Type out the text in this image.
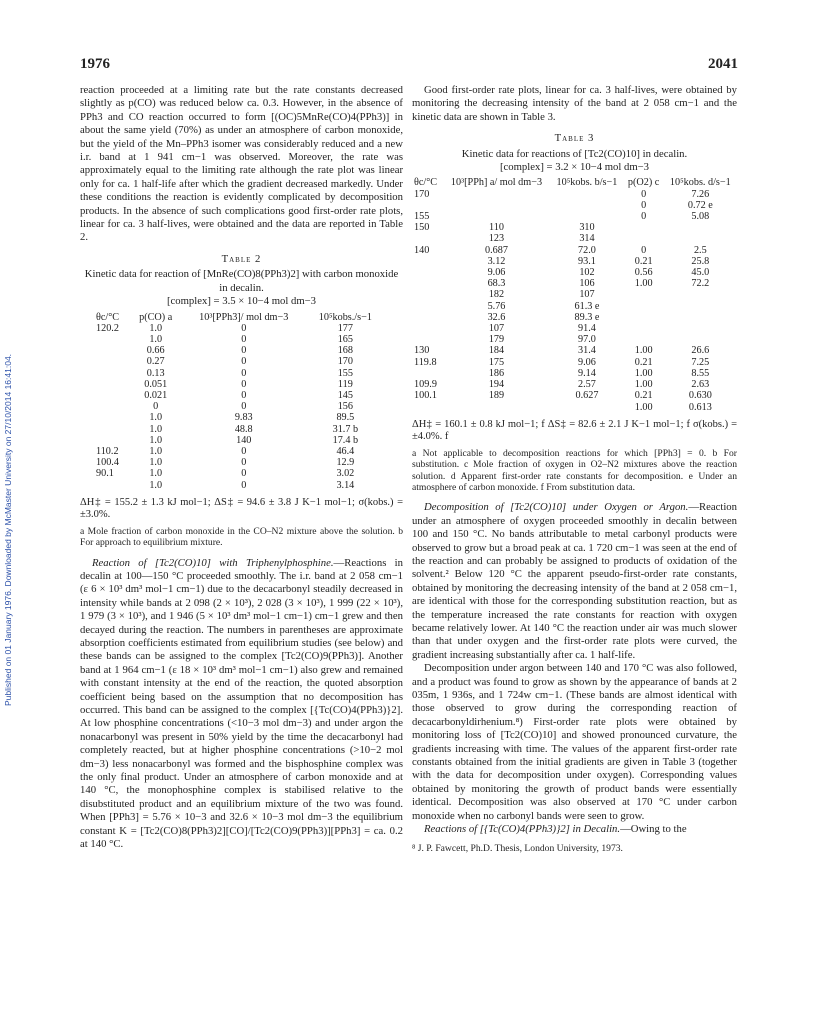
1976	2041
Published on 01 January 1976. Downloaded by McMaster University on 27/10/2014 16:41:04.

reaction proceeded at a limiting rate but the rate constants decreased slightly as p(CO) was reduced below ca. 0.3. However, in the absence of PPh3 and CO reaction occurred to form [(OC)5MnRe(CO)4(PPh3)] in about the same yield (70%) as under an atmosphere of carbon monoxide, but the yield of the Mn–PPh3 isomer was considerably reduced and a new i.r. band at 1 941 cm−1 was observed. Moreover, the rate was approximately equal to the limiting rate although the rate plot was linear only for ca. 1 half-life after which the gradient decreased markedly. Under these conditions the reaction is evidently complicated by decomposition products. In the absence of such complications good first-order rate plots, linear for ca. 3 half-lives, were obtained and the data are reported in Table 2.

Table 2
Kinetic data for reaction of [MnRe(CO)8(PPh3)2] with carbon monoxide in decalin.
[complex] = 3.5 × 10−4 mol dm−3
θc/°C	p(CO) a	10³[PPh3]/ mol dm−3	10⁵kobs./s−1
120.2	1.0	0	177
	1.0	0	165
	0.66	0	168
	0.27	0	170
	0.13	0	155
	0.051	0	119
	0.021	0	145
	0	0	156
	1.0	9.83	89.5
	1.0	48.8	31.7 b
	1.0	140	17.4 b
110.2	1.0	0	46.4
100.4	1.0	0	12.9
90.1	1.0	0	3.02
	1.0	0	3.14
ΔH‡ = 155.2 ± 1.3 kJ mol−1; ΔS‡ = 94.6 ± 3.8 J K−1 mol−1; σ(kobs.) = ±3.0%.
a Mole fraction of carbon monoxide in the CO–N2 mixture above the solution. b For approach to equilibrium mixture.

Reaction of [Tc2(CO)10] with Triphenylphosphine.—Reactions in decalin at 100—150 °C proceeded smoothly. The i.r. band at 2 058 cm−1 (ε 6 × 10³ dm³ mol−1 cm−1) due to the decacarbonyl steadily decreased in intensity while bands at 2 098 (2 × 10³), 2 028 (3 × 10³), 1 999 (22 × 10³), 1 979 (3 × 10³), and 1 946 (5 × 10³ dm³ mol−1 cm−1) cm−1 grew and then decayed during the reaction. The numbers in parentheses are approximate absorption coefficients estimated from equilibrium studies (see below) and these bands can be assigned to the complex [Tc2(CO)9(PPh3)]. Another band at 1 964 cm−1 (ε 18 × 10³ dm³ mol−1 cm−1) also grew and remained with constant intensity at the end of the reaction, the quoted absorption coefficient being based on the assumption that no decomposition has occurred. This band can be assigned to the complex [{Tc(CO)4(PPh3)}2]. At low phosphine concentrations (<10−3 mol dm−3) and under argon the nonacarbonyl was present in 50% yield by the time the decacarbonyl had completely reacted, but at higher phosphine concentrations (>10−2 mol dm−3) less nonacarbonyl was formed and the bisphosphine complex was the only final product. Under an atmosphere of carbon monoxide and at 140 °C, the monophosphine complex is stabilised relative to the disubstituted product and an equilibrium mixture of the two was found. When [PPh3] = 5.76 × 10−3 and 32.6 × 10−3 mol dm−3 the equilibrium constant K = [Tc2(CO)8(PPh3)2][CO]/[Tc2(CO)9(PPh3)][PPh3] = ca. 0.2 at 140 °C.

Good first-order rate plots, linear for ca. 3 half-lives, were obtained by monitoring the decreasing intensity of the band at 2 058 cm−1 and the kinetic data are shown in Table 3.

Table 3
Kinetic data for reactions of [Tc2(CO)10] in decalin.
[complex] = 3.2 × 10−4 mol dm−3
θc/°C	10³[PPh] a/ mol dm−3	10⁵kobs. b/s−1	p(O2) c	10⁵kobs. d/s−1
170			0	7.26
			0	0.72 e
155			0	5.08
150	110	310		
	123	314		
140	0.687	72.0	0	2.5
	3.12	93.1	0.21	25.8
	9.06	102	0.56	45.0
	68.3	106	1.00	72.2
	182	107		
	5.76	61.3 e		
	32.6	89.3 e		
	107	91.4		
	179	97.0		
130	184	31.4	1.00	26.6
119.8	175	9.06	0.21	7.25
	186	9.14	1.00	8.55
109.9	194	2.57	1.00	2.63
100.1	189	0.627	0.21	0.630
			1.00	0.613
ΔH‡ = 160.1 ± 0.8 kJ mol−1; f ΔS‡ = 82.6 ± 2.1 J K−1 mol−1; f σ(kobs.) = ±4.0%. f
a Not applicable to decomposition reactions for which [PPh3] = 0. b For substitution. c Mole fraction of oxygen in O2–N2 mixtures above the reaction solution. d Apparent first-order rate constants for decomposition. e Under an atmosphere of carbon monoxide. f From substitution data.

Decomposition of [Tc2(CO)10] under Oxygen or Argon.—Reaction under an atmosphere of oxygen proceeded smoothly in decalin between 100 and 150 °C. No bands attributable to metal carbonyl products were observed to grow but a broad peak at ca. 1 720 cm−1 was seen at the end of the reaction and can probably be assigned to products of oxidation of the solvent.² Below 120 °C the apparent pseudo-first-order rate constants, obtained by monitoring the decreasing intensity of the band at 2 058 cm−1, are identical with those for the corresponding substitution reaction, but as the temperature increased the rate constants for reaction with oxygen became relatively lower. At 140 °C the reaction under air was much slower than that under oxygen and the first-order rate plots were curved, the gradient increasing substantially after ca. 1 half-life.

Decomposition under argon between 140 and 170 °C was also followed, and a product was found to grow as shown by the appearance of bands at 2 035m, 1 936s, and 1 724w cm−1. (These bands are almost identical with those observed to grow during the corresponding reaction of decacarbonyldirhenium.⁸) First-order rate plots were obtained by monitoring loss of [Tc2(CO)10] and showed pronounced curvature, the gradients increasing with time. The values of the apparent first-order rate constants obtained from the initial gradients are given in Table 3 (together with the data for decomposition under oxygen). Corresponding values obtained by monitoring the growth of product bands were essentially identical. Decomposition was also observed at 170 °C under carbon monoxide when no carbonyl bands were seen to grow.

Reactions of [{Tc(CO)4(PPh3)}2] in Decalin.—Owing to the

⁸ J. P. Fawcett, Ph.D. Thesis, London University, 1973.
